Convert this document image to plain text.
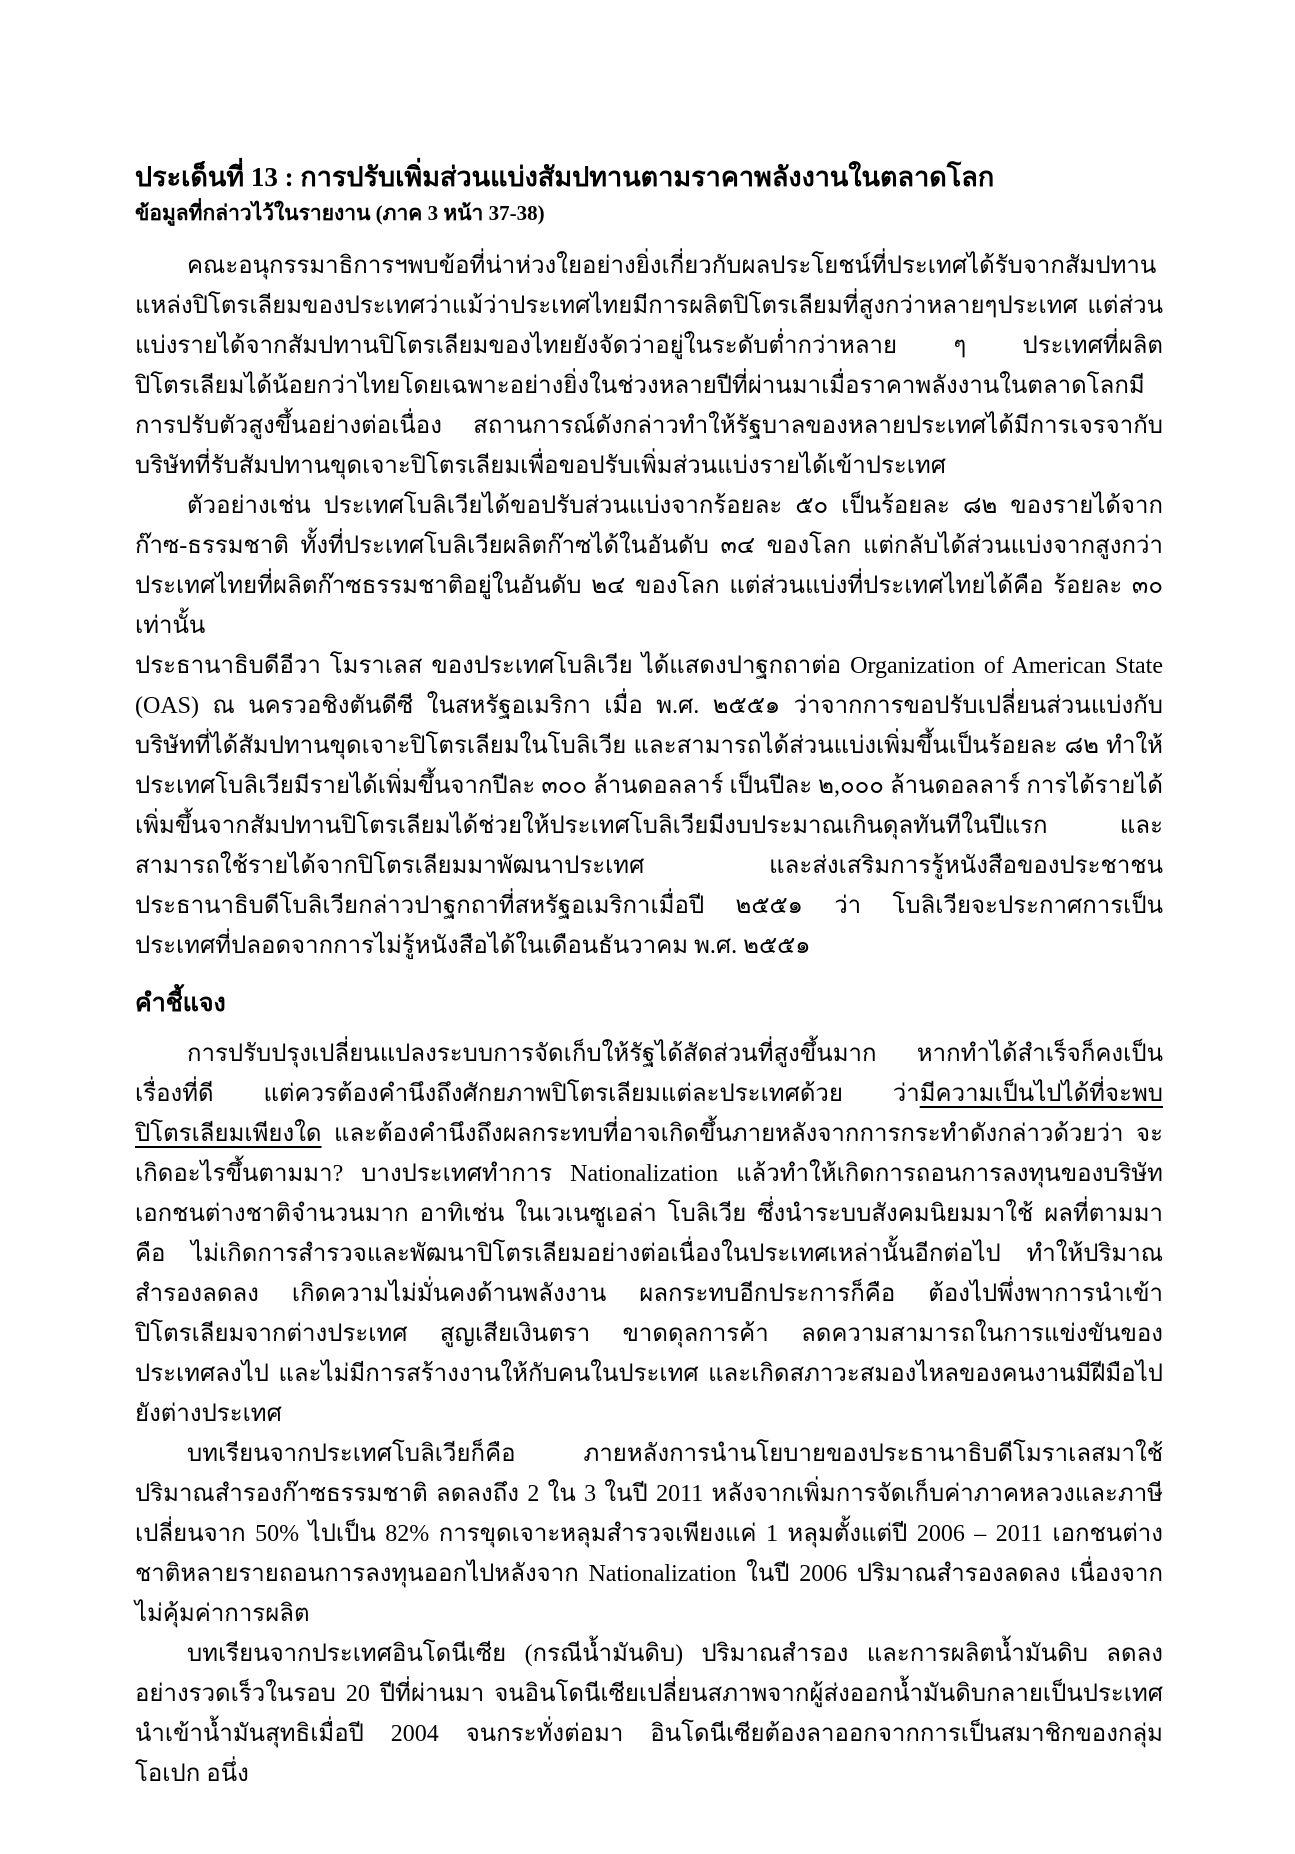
ประเด็นที่ 13 : การปรับเพิ่มส่วนแบ่งสัมปทานตามราคาพลังงานในตลาดโลก
ข้อมูลที่กล่าวไว้ในรายงาน (ภาค 3 หน้า 37-38)

คณะอนุกรรมาธิการฯพบข้อที่น่าห่วงใยอย่างยิ่งเกี่ยวกับผลประโยชน์ที่ประเทศได้รับจากสัมปทานแหล่งปิโตรเลียมของประเทศว่าแม้ว่าประเทศไทยมีการผลิตปิโตรเลียมที่สูงกว่าหลายๆประเทศ แต่ส่วนแบ่งรายได้จากสัมปทานปิโตรเลียมของไทยยังจัดว่าอยู่ในระดับต่ำกว่าหลาย ๆ ประเทศที่ผลิตปิโตรเลียมได้น้อยกว่าไทยโดยเฉพาะอย่างยิ่งในช่วงหลายปีที่ผ่านมาเมื่อราคาพลังงานในตลาดโลกมีการปรับตัวสูงขึ้นอย่างต่อเนื่อง สถานการณ์ดังกล่าวทำให้รัฐบาลของหลายประเทศได้มีการเจรจากับบริษัทที่รับสัมปทานขุดเจาะปิโตรเลียมเพื่อขอปรับเพิ่มส่วนแบ่งรายได้เข้าประเทศ

ตัวอย่างเช่น ประเทศโบลิเวียได้ขอปรับส่วนแบ่งจากร้อยละ ๕๐ เป็นร้อยละ ๘๒ ของรายได้จากก๊าซ-ธรรมชาติ ทั้งที่ประเทศโบลิเวียผลิตก๊าซได้ในอันดับ ๓๔ ของโลก แต่กลับได้ส่วนแบ่งจากสูงกว่าประเทศไทยที่ผลิตก๊าซธรรมชาติอยู่ในอันดับ ๒๔ ของโลก แต่ส่วนแบ่งที่ประเทศไทยได้คือ ร้อยละ ๓๐ เท่านั้น

ประธานาธิบดีอีวา โมราเลส ของประเทศโบลิเวีย ได้แสดงปาฐกถาต่อ Organization of American State (OAS) ณ นครวอชิงตันดีซี ในสหรัฐอเมริกา เมื่อ พ.ศ. ๒๕๕๑ ว่าจากการขอปรับเปลี่ยนส่วนแบ่งกับบริษัทที่ได้สัมปทานขุดเจาะปิโตรเลียมในโบลิเวีย และสามารถได้ส่วนแบ่งเพิ่มขึ้นเป็นร้อยละ ๘๒ ทำให้ประเทศโบลิเวียมีรายได้เพิ่มขึ้นจากปีละ ๓๐๐ ล้านดอลลาร์ เป็นปีละ ๒,๐๐๐ ล้านดอลลาร์ การได้รายได้เพิ่มขึ้นจากสัมปทานปิโตรเลียมได้ช่วยให้ประเทศโบลิเวียมีงบประมาณเกินดุลทันทีในปีแรก และสามารถใช้รายได้จากปิโตรเลียมมาพัฒนาประเทศ และส่งเสริมการรู้หนังสือของประชาชน ประธานาธิบดีโบลิเวียกล่าวปาฐกถาที่สหรัฐอเมริกาเมื่อปี ๒๕๕๑ ว่า โบลิเวียจะประกาศการเป็นประเทศที่ปลอดจากการไม่รู้หนังสือได้ในเดือนธันวาคม พ.ศ. ๒๕๕๑

คำชี้แจง

การปรับปรุงเปลี่ยนแปลงระบบการจัดเก็บให้รัฐได้สัดส่วนที่สูงขึ้นมาก หากทำได้สำเร็จก็คงเป็นเรื่องที่ดี แต่ควรต้องคำนึงถึงศักยภาพปิโตรเลียมแต่ละประเทศด้วย ว่ามีความเป็นไปได้ที่จะพบปิโตรเลียมเพียงใด และต้องคำนึงถึงผลกระทบที่อาจเกิดขึ้นภายหลังจากการกระทำดังกล่าวด้วยว่า จะเกิดอะไรขึ้นตามมา? บางประเทศทำการ Nationalization แล้วทำให้เกิดการถอนการลงทุนของบริษัทเอกชนต่างชาติจำนวนมาก อาทิเช่น ในเวเนซูเอล่า โบลิเวีย ซึ่งนำระบบสังคมนิยมมาใช้ ผลที่ตามมาคือ ไม่เกิดการสำรวจและพัฒนาปิโตรเลียมอย่างต่อเนื่องในประเทศเหล่านั้นอีกต่อไป ทำให้ปริมาณสำรองลดลง เกิดความไม่มั่นคงด้านพลังงาน ผลกระทบอีกประการก็คือ ต้องไปพึ่งพาการนำเข้าปิโตรเลียมจากต่างประเทศ สูญเสียเงินตรา ขาดดุลการค้า ลดความสามารถในการแข่งขันของประเทศลงไป และไม่มีการสร้างงานให้กับคนในประเทศ และเกิดสภาวะสมองไหลของคนงานมีฝีมือไปยังต่างประเทศ

บทเรียนจากประเทศโบลิเวียก็คือ ภายหลังการนำนโยบายของประธานาธิบดีโมราเลสมาใช้ ปริมาณสำรองก๊าซธรรมชาติ ลดลงถึง 2 ใน 3 ในปี 2011 หลังจากเพิ่มการจัดเก็บค่าภาคหลวงและภาษีเปลี่ยนจาก 50% ไปเป็น 82% การขุดเจาะหลุมสำรวจเพียงแค่ 1 หลุมตั้งแต่ปี 2006 – 2011 เอกชนต่างชาติหลายรายถอนการลงทุนออกไปหลังจาก Nationalization ในปี 2006 ปริมาณสำรองลดลง เนื่องจากไม่คุ้มค่าการผลิต

บทเรียนจากประเทศอินโดนีเซีย (กรณีน้ำมันดิบ) ปริมาณสำรอง และการผลิตน้ำมันดิบ ลดลงอย่างรวดเร็วในรอบ 20 ปีที่ผ่านมา จนอินโดนีเซียเปลี่ยนสภาพจากผู้ส่งออกน้ำมันดิบกลายเป็นประเทศนำเข้าน้ำมันสุทธิเมื่อปี 2004 จนกระทั่งต่อมา อินโดนีเซียต้องลาออกจากการเป็นสมาชิกของกลุ่มโอเปก อนึ่ง
